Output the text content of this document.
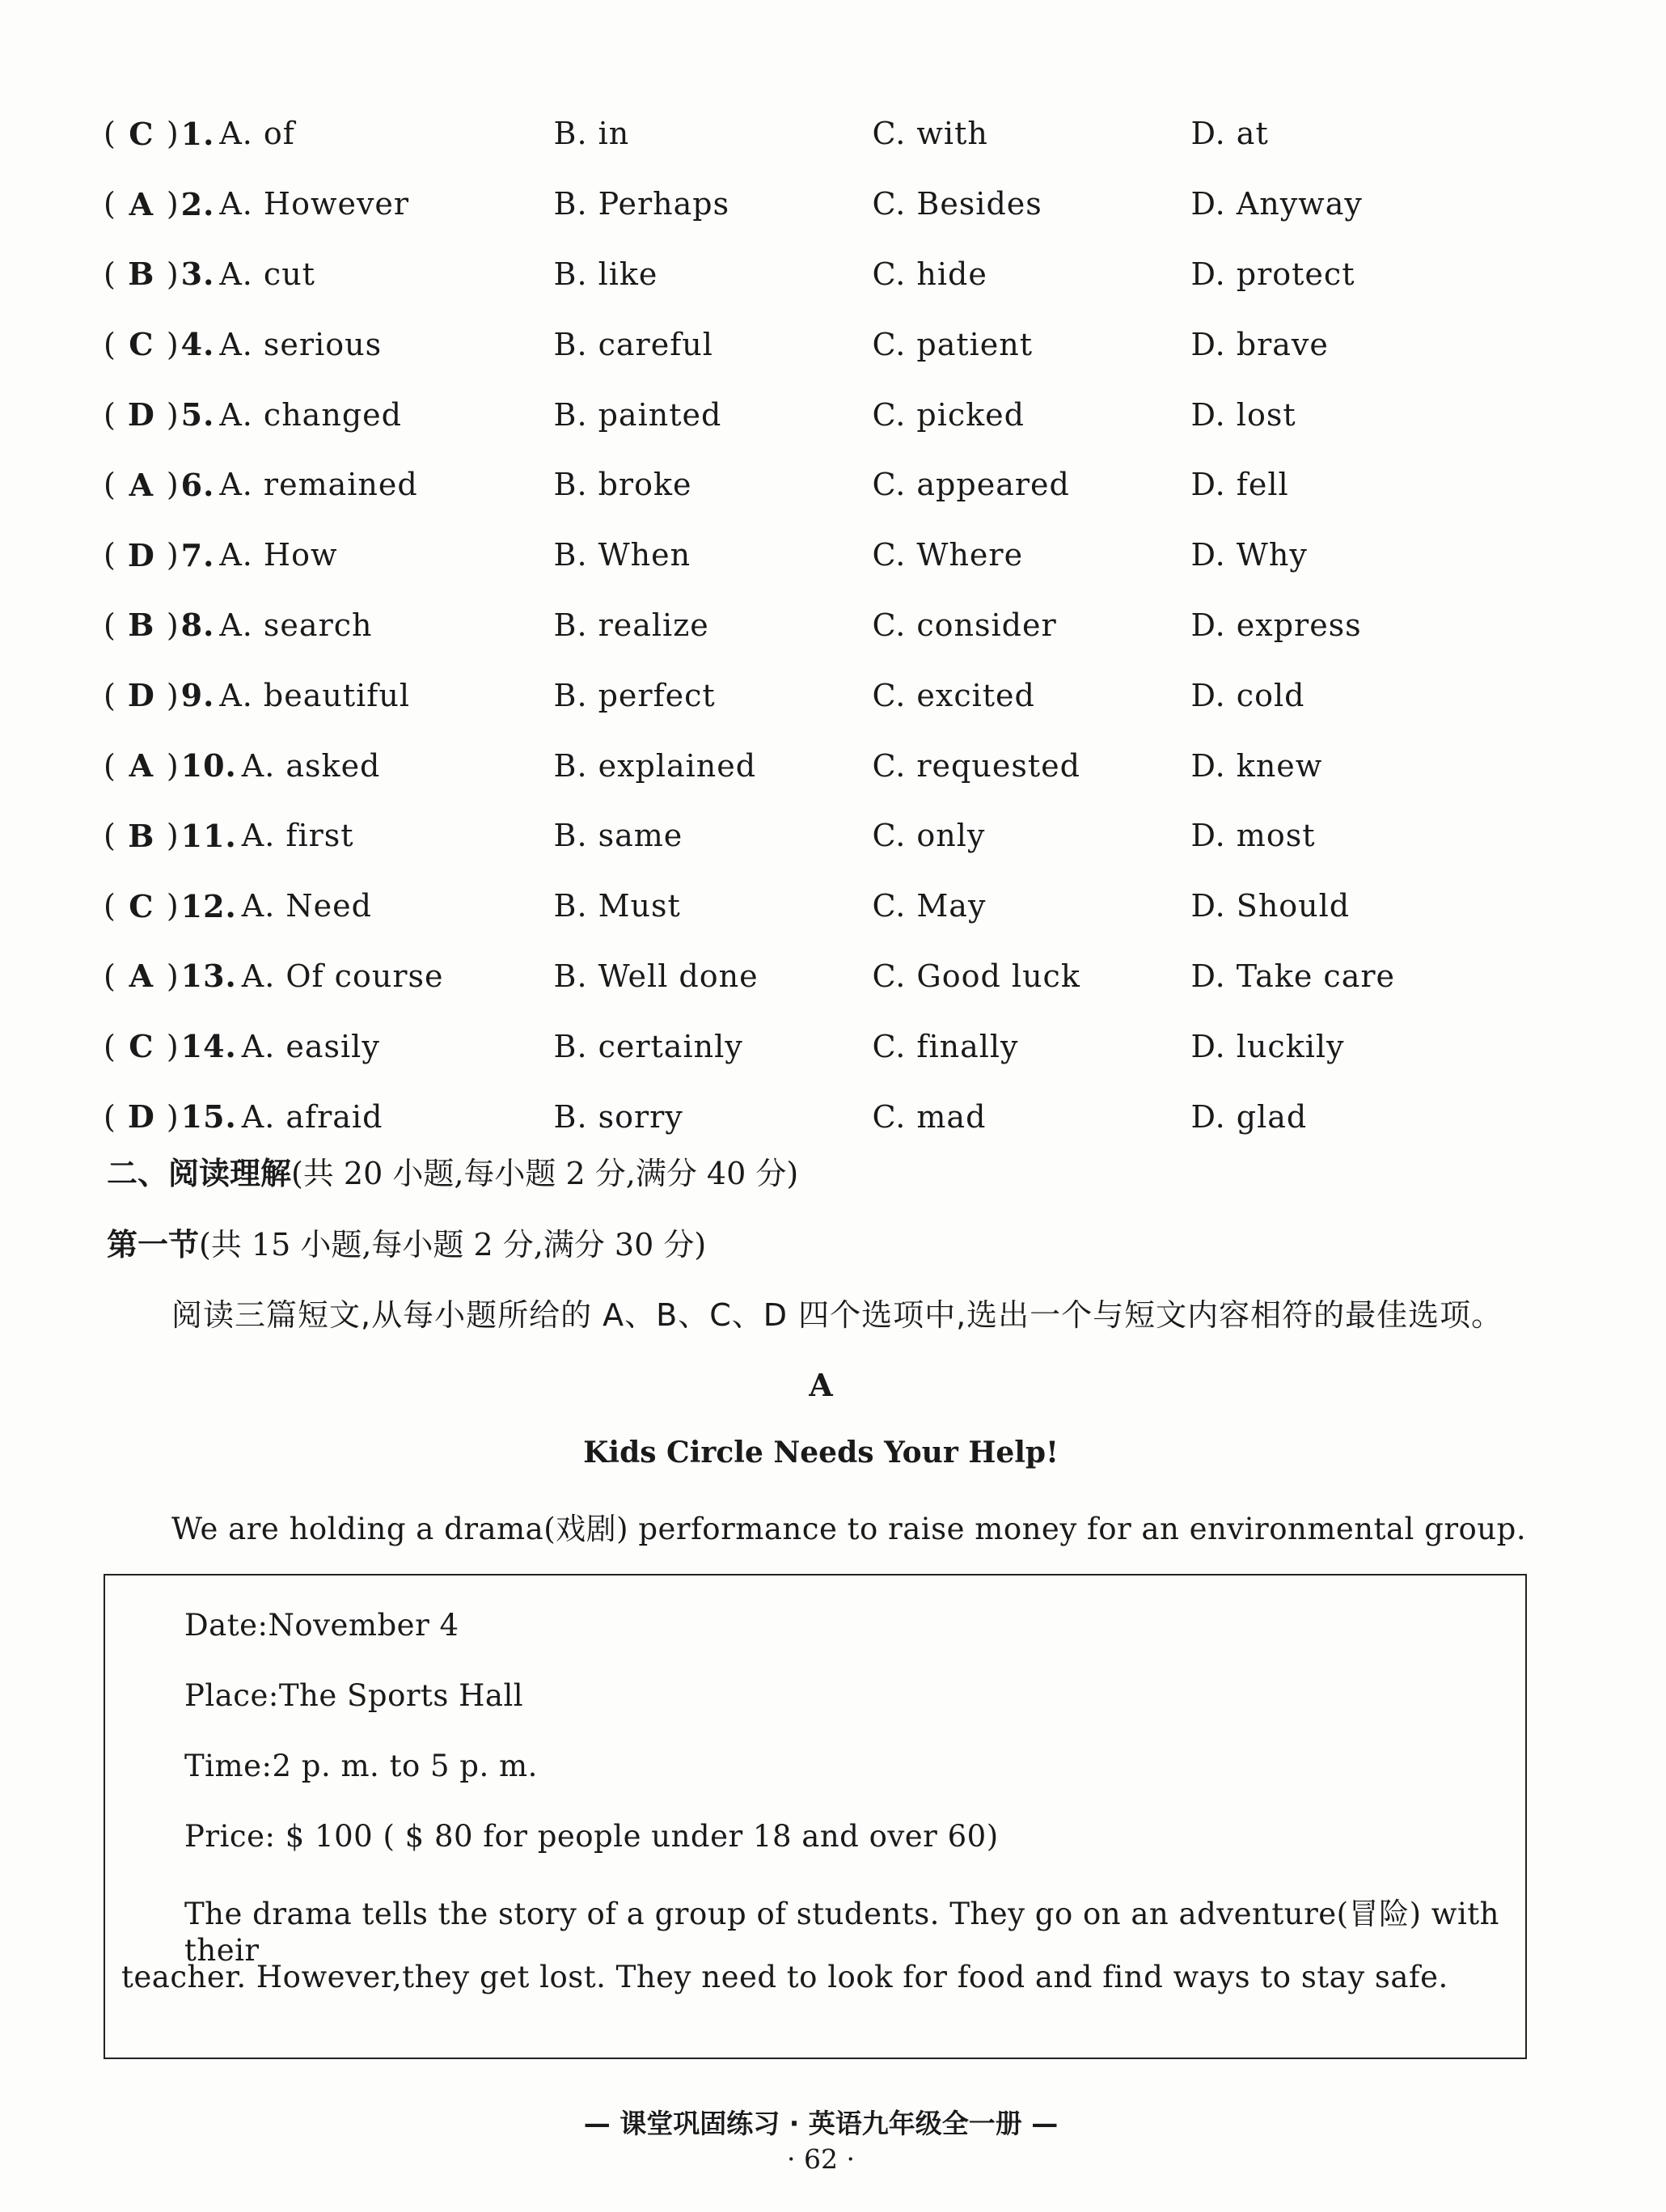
( C ) 1. A. of	B. in	C. with	D. at
( A ) 2. A. However	B. Perhaps	C. Besides	D. Anyway
( B ) 3. A. cut	B. like	C. hide	D. protect
( C ) 4. A. serious	B. careful	C. patient	D. brave
( D ) 5. A. changed	B. painted	C. picked	D. lost
( A ) 6. A. remained	B. broke	C. appeared	D. fell
( D ) 7. A. How	B. When	C. Where	D. Why
( B ) 8. A. search	B. realize	C. consider	D. express
( D ) 9. A. beautiful	B. perfect	C. excited	D. cold
( A ) 10. A. asked	B. explained	C. requested	D. knew
( B ) 11. A. first	B. same	C. only	D. most
( C ) 12. A. Need	B. Must	C. May	D. Should
( A ) 13. A. Of course	B. Well done	C. Good luck	D. Take care
( C ) 14. A. easily	B. certainly	C. finally	D. luckily
( D ) 15. A. afraid	B. sorry	C. mad	D. glad
二、阅读理解(共 20 小题,每小题 2 分,满分 40 分)
第一节(共 15 小题,每小题 2 分,满分 30 分)
阅读三篇短文,从每小题所给的 A、B、C、D 四个选项中,选出一个与短文内容相符的最佳选项。
A
Kids Circle Needs Your Help!
We are holding a drama(戏剧) performance to raise money for an environmental group.
Date:November 4
Place:The Sports Hall
Time:2 p. m. to 5 p. m.
Price: $ 100 ( $ 80 for people under 18 and over 60)
The drama tells the story of a group of students. They go on an adventure(冒险) with their
teacher. However,they get lost. They need to look for food and find ways to stay safe.
— 课堂巩固练习 · 英语九年级全一册 —
· 62 ·
